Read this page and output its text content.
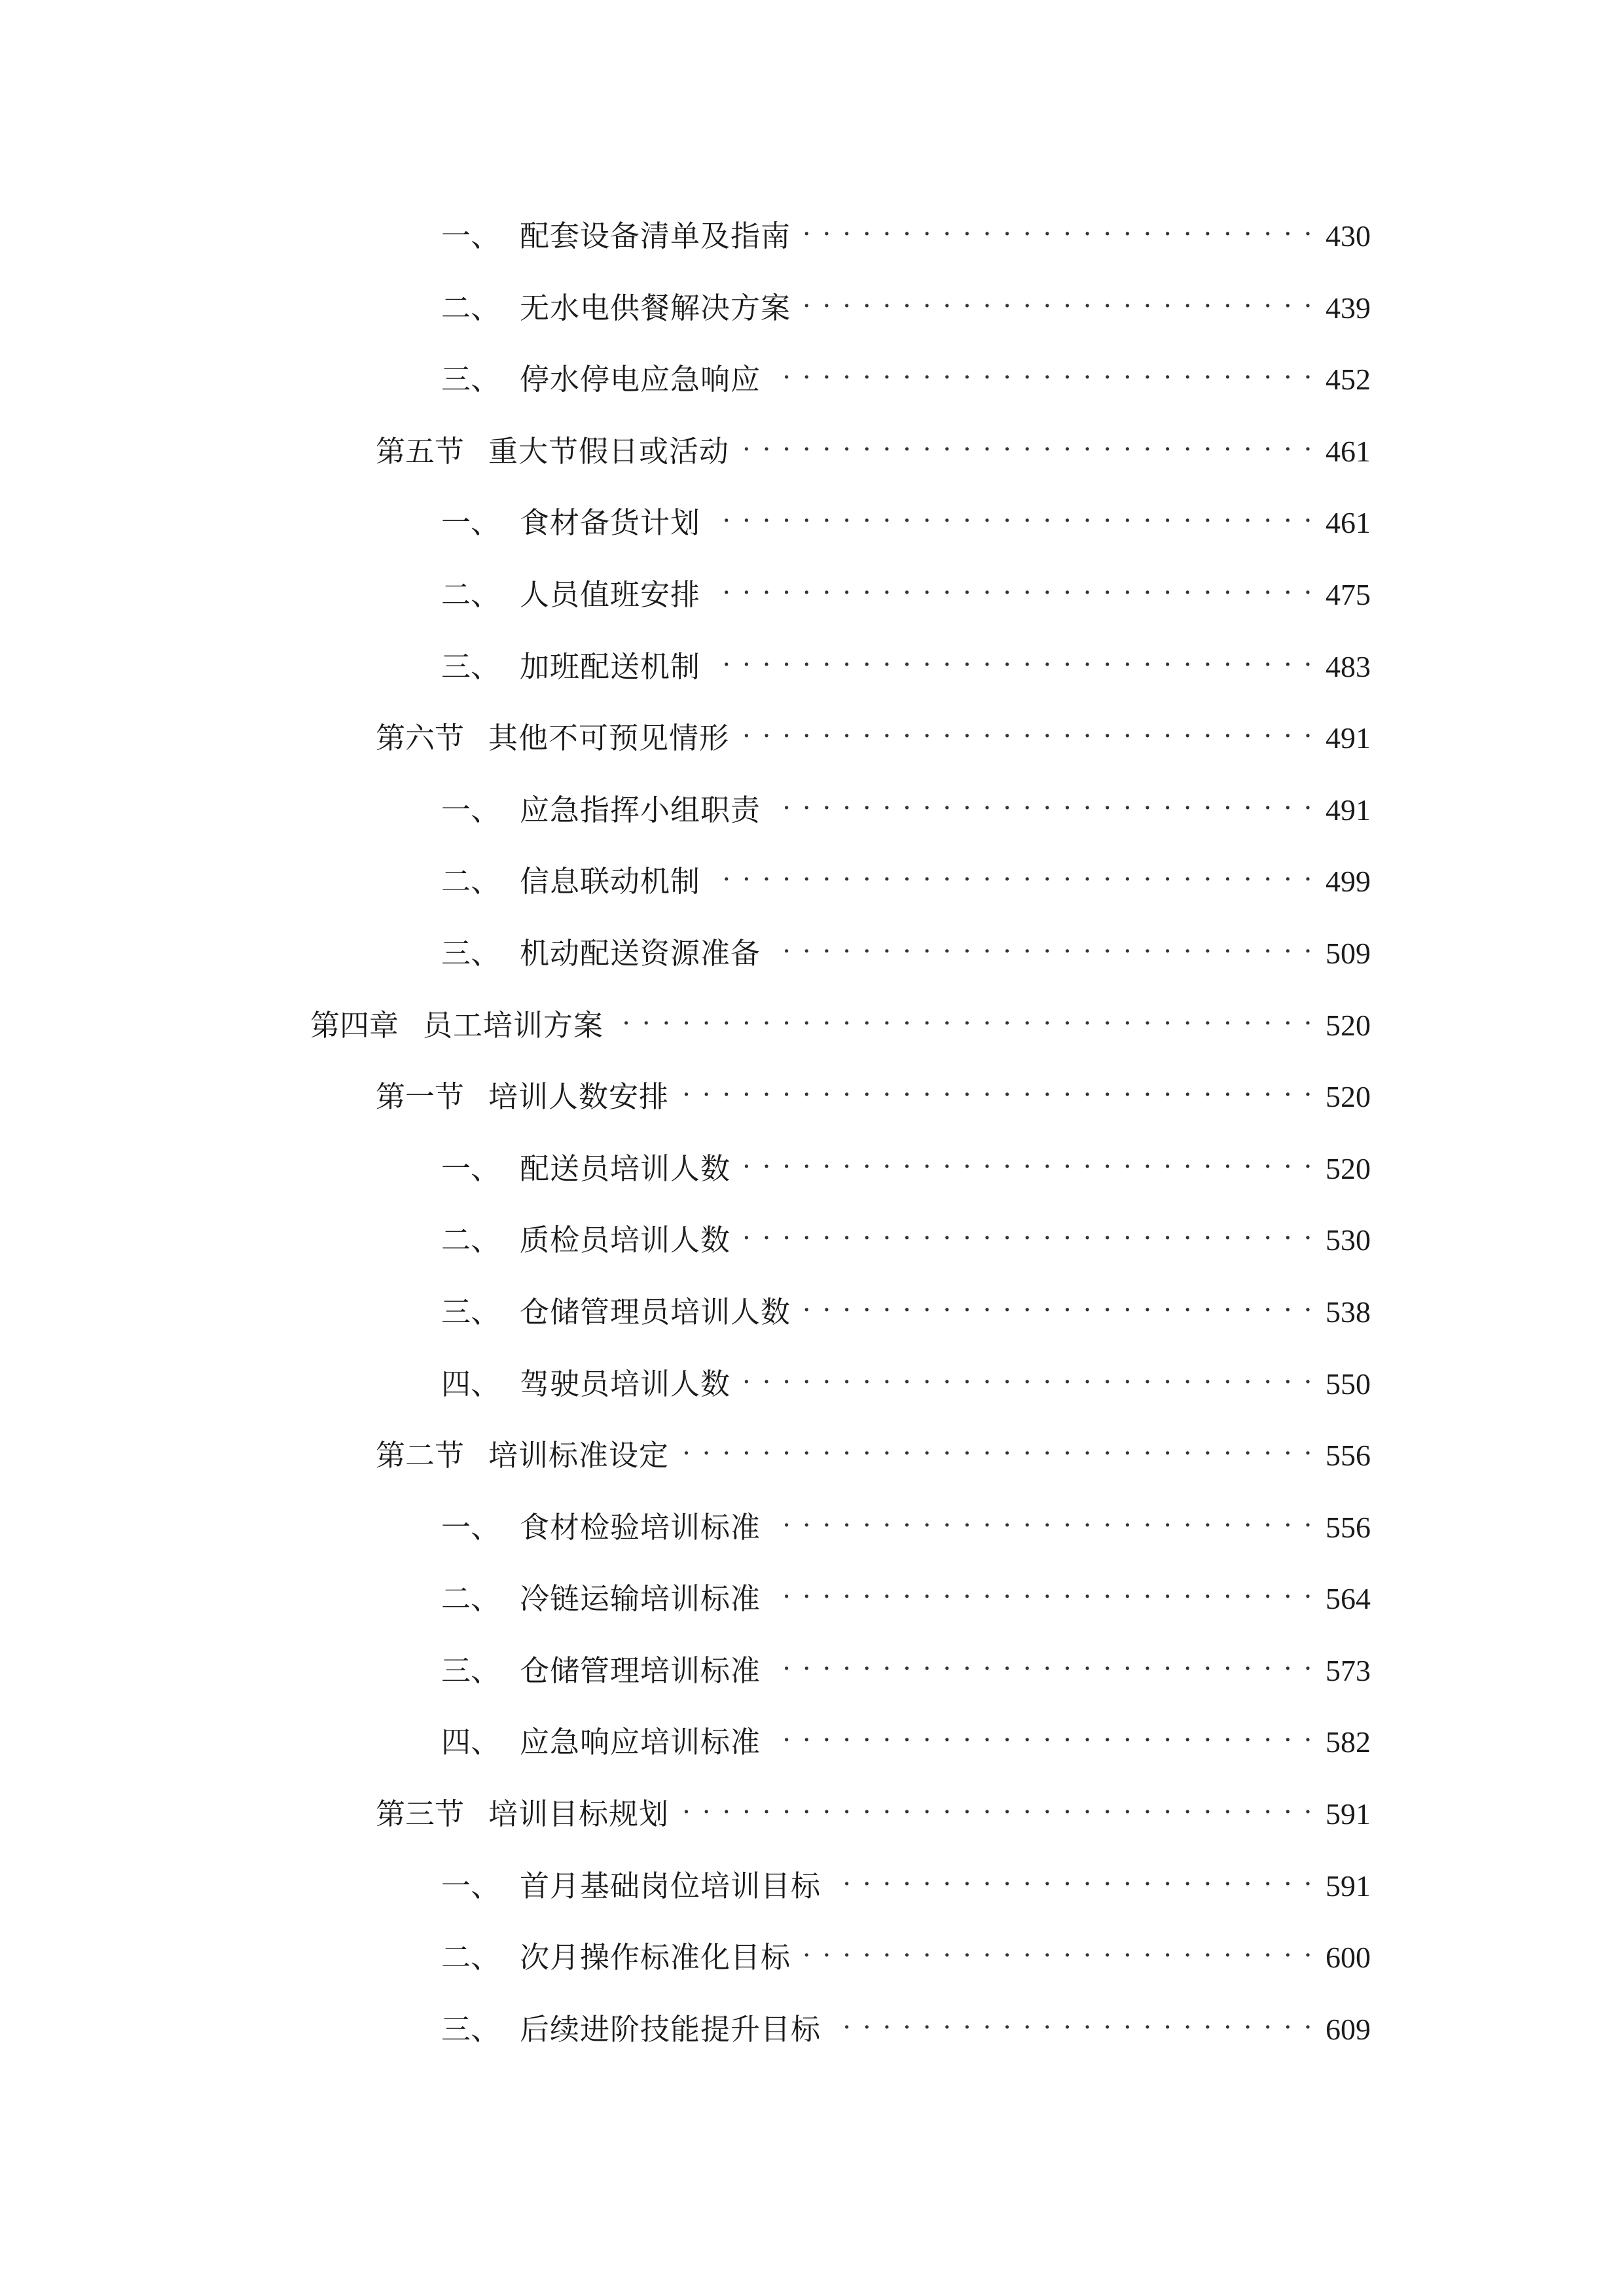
一、 配套设备清单及指南 . . .	430
二、 无水电供餐解决方案 . . .	439
三、 停水停电应急响应 . . .	452
第五节 重大节假日或活动 . . .	461
一、 食材备货计划 . . .	461
二、 人员值班安排 . . .	475
三、 加班配送机制 . . .	483
第六节 其他不可预见情形 . . .	491
一、 应急指挥小组职责 . . .	491
二、 信息联动机制 . . .	499
三、 机动配送资源准备 . . .	509
第四章 员工培训方案 . . .	520
第一节 培训人数安排 . . .	520
一、 配送员培训人数 . . .	520
二、 质检员培训人数 . . .	530
三、 仓储管理员培训人数 . . .	538
四、 驾驶员培训人数 . . .	550
第二节 培训标准设定 . . .	556
一、 食材检验培训标准 . . .	556
二、 冷链运输培训标准 . . .	564
三、 仓储管理培训标准 . . .	573
四、 应急响应培训标准 . . .	582
第三节 培训目标规划 . . .	591
一、 首月基础岗位培训目标 . . .	591
二、 次月操作标准化目标 . . .	600
三、 后续进阶技能提升目标 . . .	609
